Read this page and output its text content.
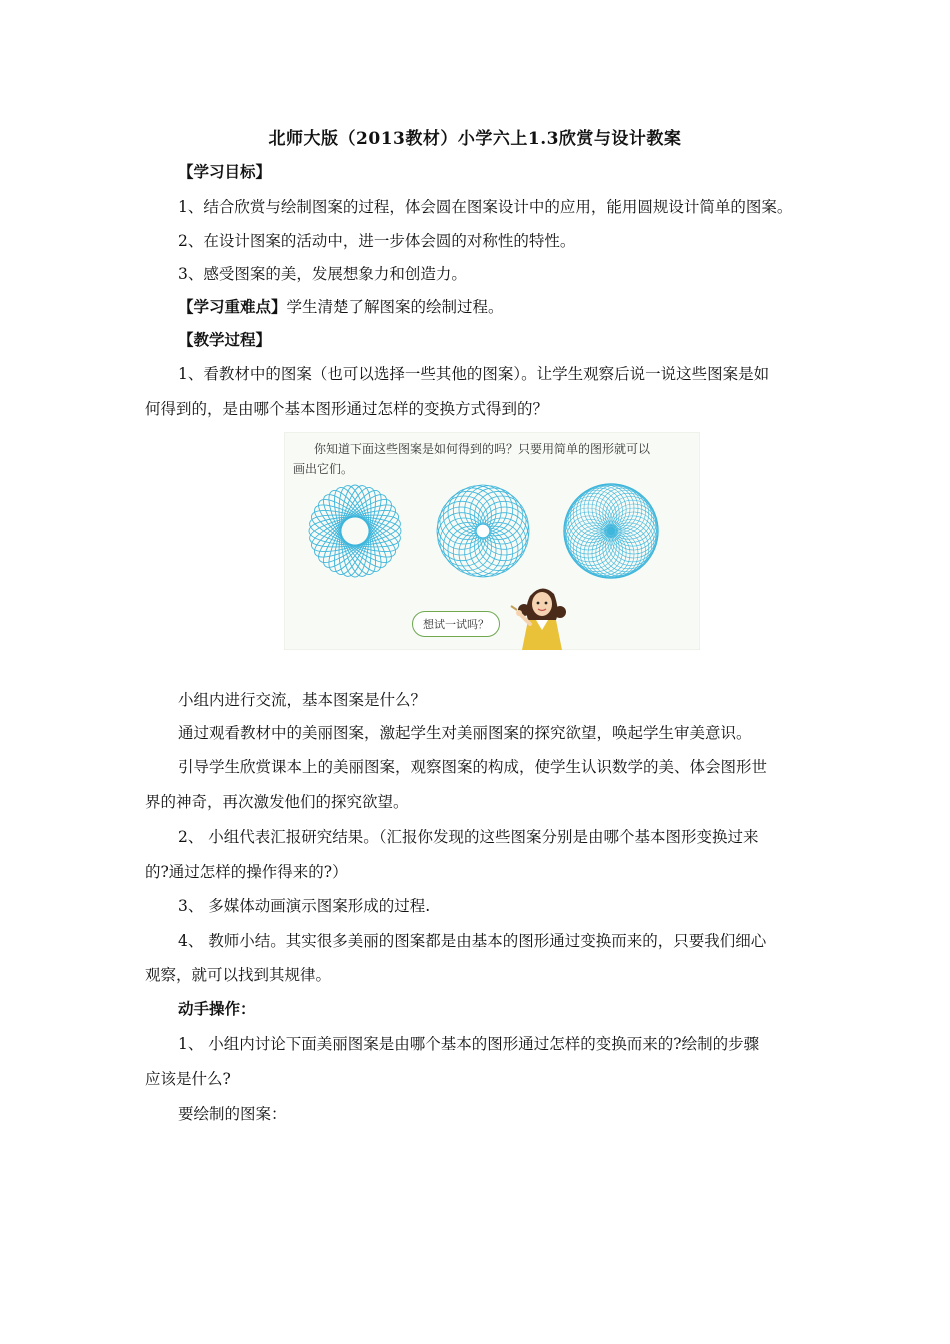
北师大版（2013教材）小学六上1.3欣赏与设计教案
【学习目标】
1、结合欣赏与绘制图案的过程，体会圆在图案设计中的应用，能用圆规设计简单的图案。
2、在设计图案的活动中，进一步体会圆的对称性的特性。
3、感受图案的美，发展想象力和创造力。
【学习重难点】学生清楚了解图案的绘制过程。
【教学过程】
1、看教材中的图案（也可以选择一些其他的图案）。让学生观察后说一说这些图案是如
何得到的，是由哪个基本图形通过怎样的变换方式得到的？
你知道下面这些图案是如何得到的吗？只要用简单的图形就可以
画出它们。
想试一试吗？
小组内进行交流，基本图案是什么？
通过观看教材中的美丽图案，激起学生对美丽图案的探究欲望，唤起学生审美意识。
引导学生欣赏课本上的美丽图案，观察图案的构成，使学生认识数学的美、体会图形世
界的神奇，再次激发他们的探究欲望。
2、 小组代表汇报研究结果。（汇报你发现的这些图案分别是由哪个基本图形变换过来
的?通过怎样的操作得来的?）
3、 多媒体动画演示图案形成的过程.
4、 教师小结。其实很多美丽的图案都是由基本的图形通过变换而来的，只要我们细心
观察，就可以找到其规律。
动手操作：
1、 小组内讨论下面美丽图案是由哪个基本的图形通过怎样的变换而来的?绘制的步骤
应该是什么?
要绘制的图案：
